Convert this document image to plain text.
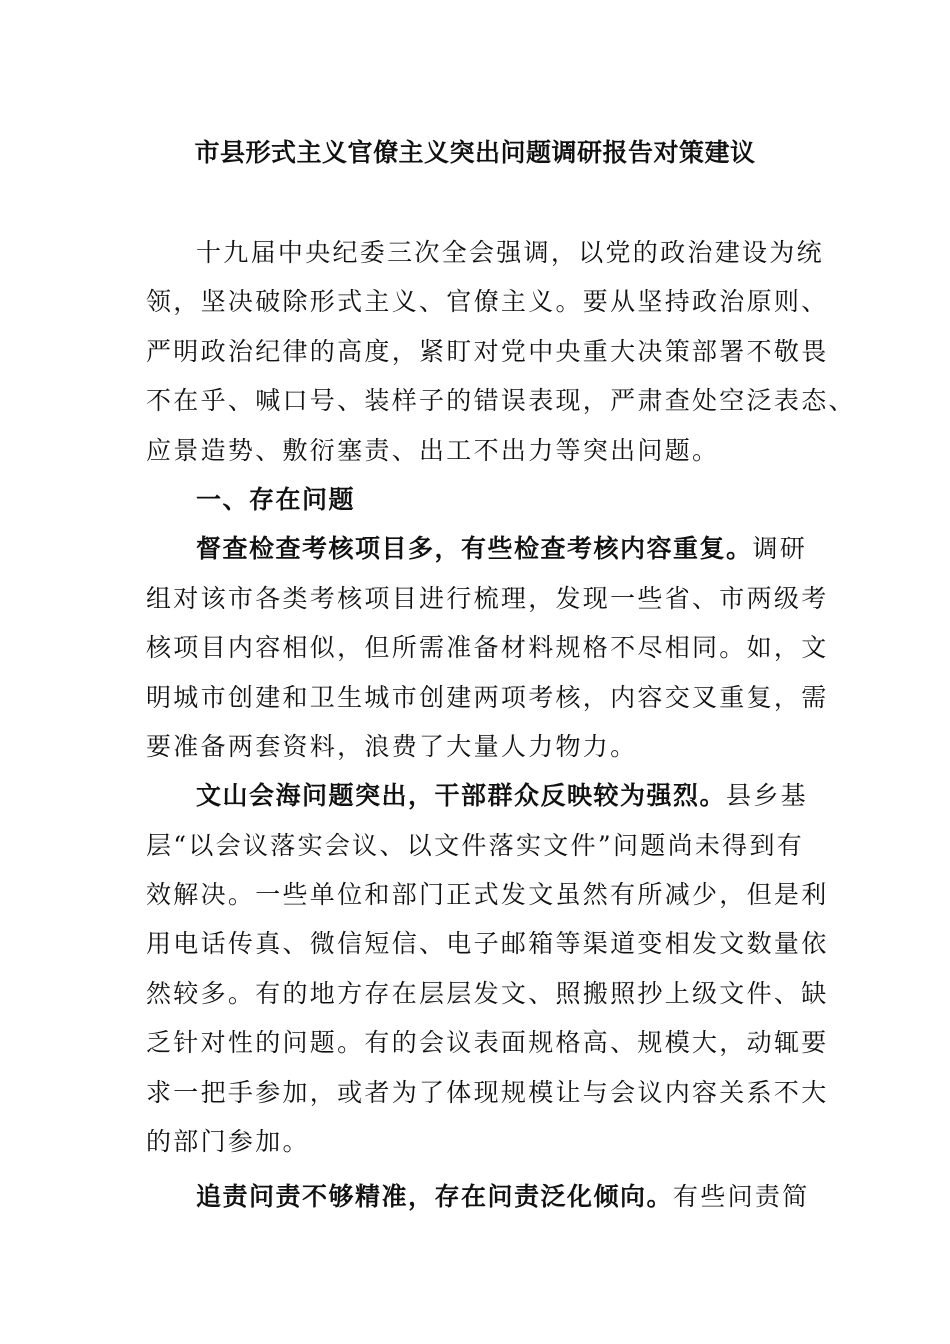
市县形式主义官僚主义突出问题调研报告对策建议
十九届中央纪委三次全会强调，以党的政治建设为统
领，坚决破除形式主义、官僚主义。要从坚持政治原则、
严明政治纪律的高度，紧盯对党中央重大决策部署不敬畏
不在乎、喊口号、装样子的错误表现，严肃查处空泛表态、
应景造势、敷衍塞责、出工不出力等突出问题。
一、存在问题
督查检查考核项目多，有些检查考核内容重复。调研
组对该市各类考核项目进行梳理，发现一些省、市两级考
核项目内容相似，但所需准备材料规格不尽相同。如，文
明城市创建和卫生城市创建两项考核，内容交叉重复，需
要准备两套资料，浪费了大量人力物力。
文山会海问题突出，干部群众反映较为强烈。县乡基
层“以会议落实会议、以文件落实文件”问题尚未得到有
效解决。一些单位和部门正式发文虽然有所减少，但是利
用电话传真、微信短信、电子邮箱等渠道变相发文数量依
然较多。有的地方存在层层发文、照搬照抄上级文件、缺
乏针对性的问题。有的会议表面规格高、规模大，动辄要
求一把手参加，或者为了体现规模让与会议内容关系不大
的部门参加。
追责问责不够精准，存在问责泛化倾向。有些问责简
